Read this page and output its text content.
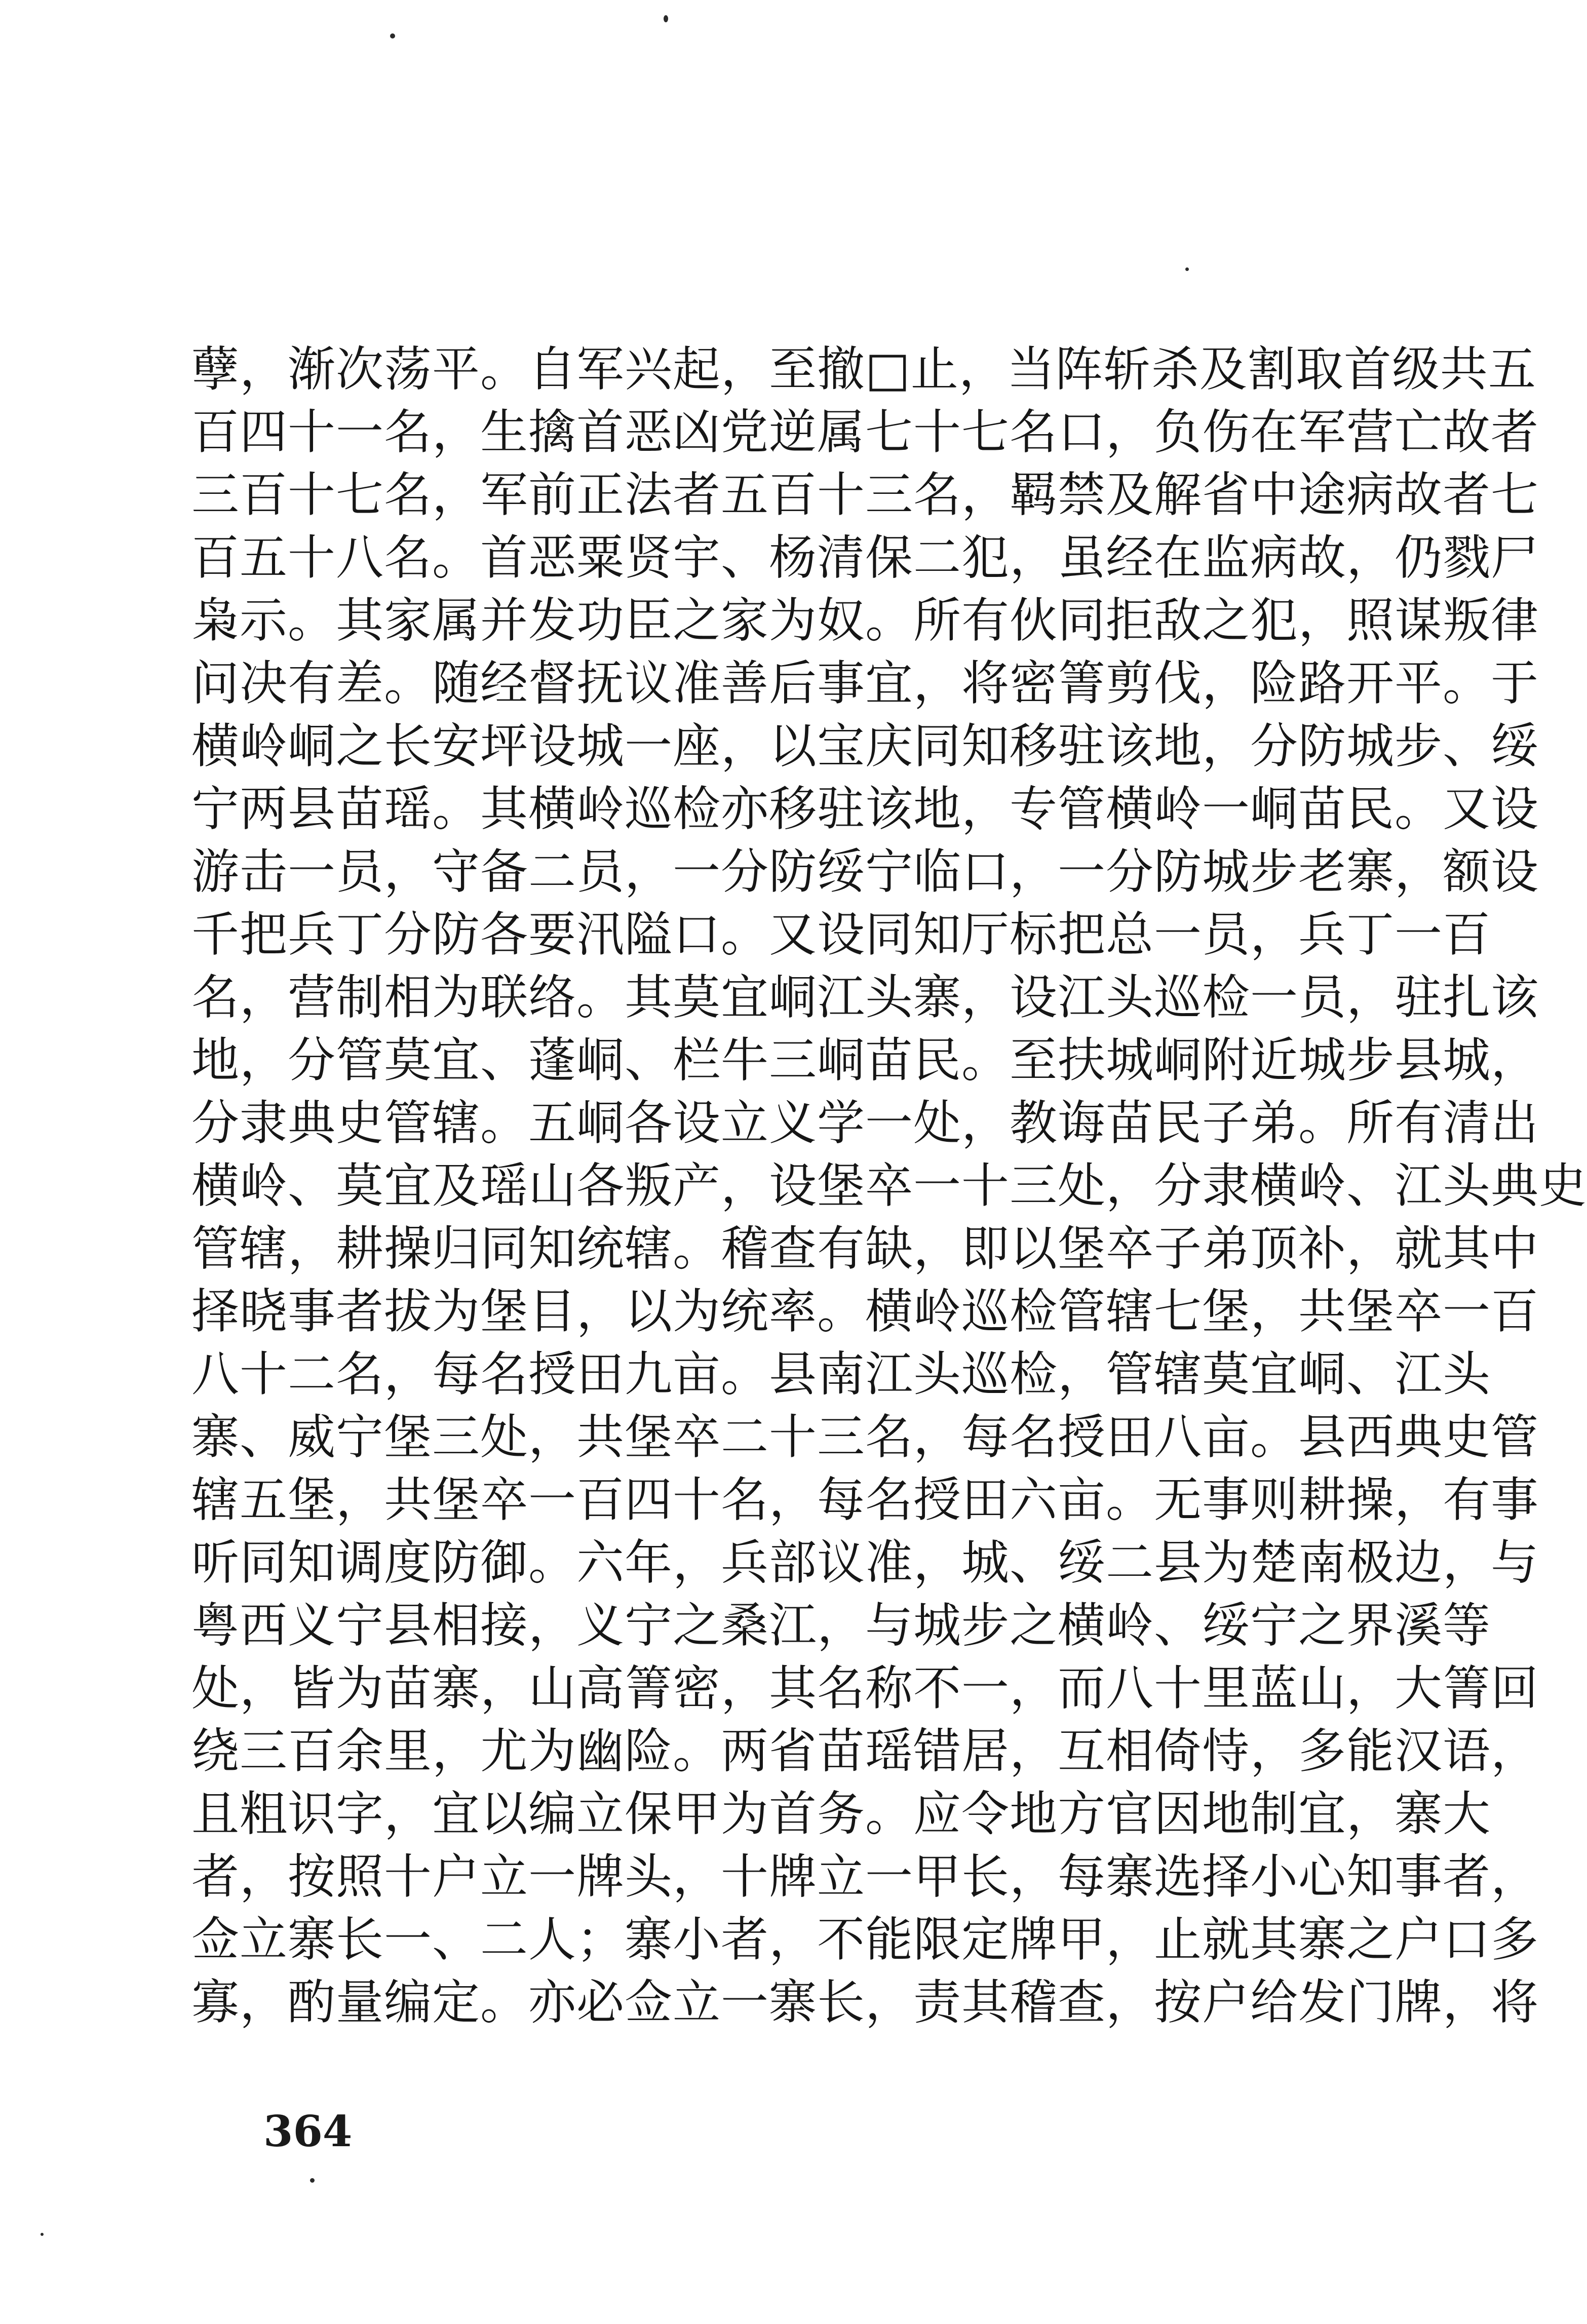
孽，渐次荡平。自军兴起，至撤□止，当阵斩杀及割取首级共五
百四十一名，生擒首恶凶党逆属七十七名口，负伤在军营亡故者
三百十七名，军前正法者五百十三名，羁禁及解省中途病故者七
百五十八名。首恶粟贤宇、杨清保二犯，虽经在监病故，仍戮尸
枭示。其家属并发功臣之家为奴。所有伙同拒敌之犯，照谋叛律
问决有差。随经督抚议准善后事宜，将密箐剪伐，险路开平。于
横岭峒之长安坪设城一座，以宝庆同知移驻该地，分防城步、绥
宁两县苗瑶。其横岭巡检亦移驻该地，专管横岭一峒苗民。又设
游击一员，守备二员，一分防绥宁临口，一分防城步老寨，额设
千把兵丁分防各要汛隘口。又设同知厅标把总一员，兵丁一百
名，营制相为联络。其莫宜峒江头寨，设江头巡检一员，驻扎该
地，分管莫宜、蓬峒、栏牛三峒苗民。至扶城峒附近城步县城，
分隶典史管辖。五峒各设立义学一处，教诲苗民子弟。所有清出
横岭、莫宜及瑶山各叛产，设堡卒一十三处，分隶横岭、江头典史
管辖，耕操归同知统辖。稽查有缺，即以堡卒子弟顶补，就其中
择晓事者拔为堡目，以为统率。横岭巡检管辖七堡，共堡卒一百
八十二名，每名授田九亩。县南江头巡检，管辖莫宜峒、江头
寨、威宁堡三处，共堡卒二十三名，每名授田八亩。县西典史管
辖五堡，共堡卒一百四十名，每名授田六亩。无事则耕操，有事
听同知调度防御。六年，兵部议准，城、绥二县为楚南极边，与
粤西义宁县相接，义宁之桑江，与城步之横岭、绥宁之界溪等
处，皆为苗寨，山高箐密，其名称不一，而八十里蓝山，大箐回
绕三百余里，尤为幽险。两省苗瑶错居，互相倚恃，多能汉语，
且粗识字，宜以编立保甲为首务。应令地方官因地制宜，寨大
者，按照十户立一牌头，十牌立一甲长，每寨选择小心知事者，
佥立寨长一、二人；寨小者，不能限定牌甲，止就其寨之户口多
寡，酌量编定。亦必佥立一寨长，责其稽查，按户给发门牌，将
364
